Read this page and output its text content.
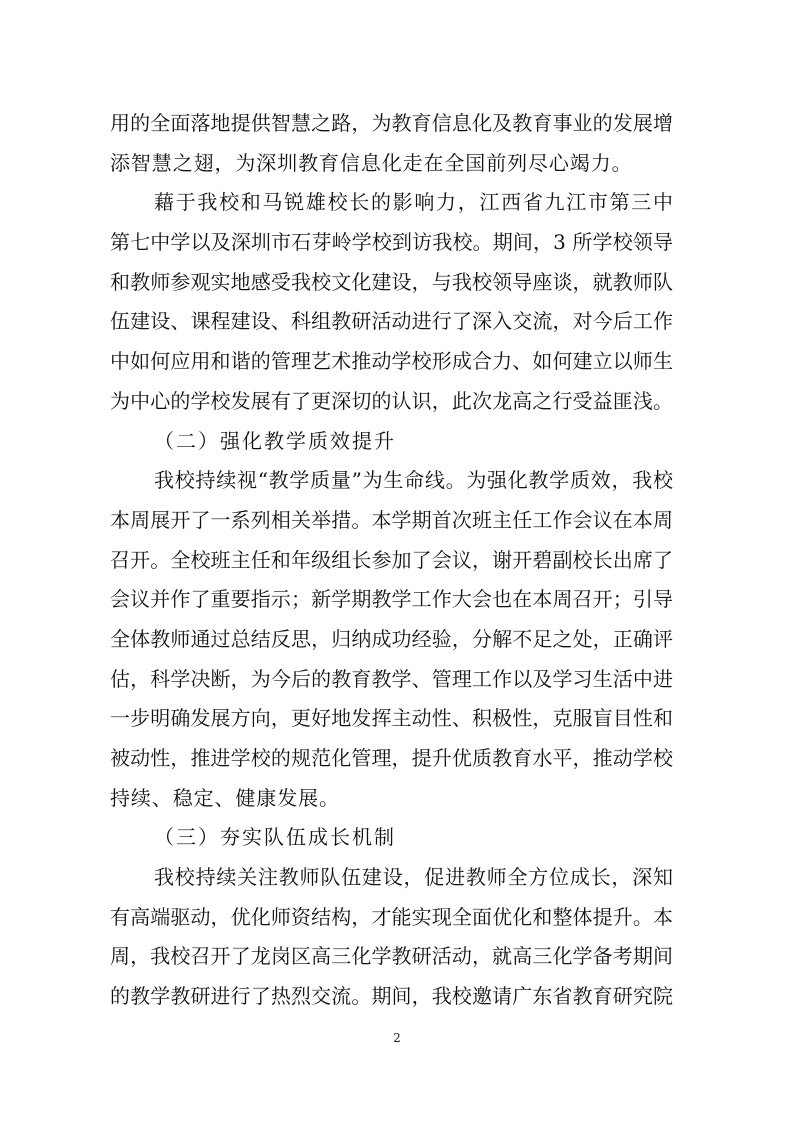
用的全面落地提供智慧之路，为教育信息化及教育事业的发展增
添智慧之翅，为深圳教育信息化走在全国前列尽心竭力。
藉于我校和马锐雄校长的影响力，江西省九江市第三中
第七中学以及深圳市石芽岭学校到访我校。期间，3 所学校领导
和教师参观实地感受我校文化建设，与我校领导座谈，就教师队
伍建设、课程建设、科组教研活动进行了深入交流，对今后工作
中如何应用和谐的管理艺术推动学校形成合力、如何建立以师生
为中心的学校发展有了更深切的认识，此次龙高之行受益匪浅。
（二）强化教学质效提升
我校持续视“教学质量”为生命线。为强化教学质效，我校
本周展开了一系列相关举措。本学期首次班主任工作会议在本周
召开。全校班主任和年级组长参加了会议，谢开碧副校长出席了
会议并作了重要指示；新学期教学工作大会也在本周召开；引导
全体教师通过总结反思，归纳成功经验，分解不足之处，正确评
估，科学决断，为今后的教育教学、管理工作以及学习生活中进
一步明确发展方向，更好地发挥主动性、积极性，克服盲目性和
被动性，推进学校的规范化管理，提升优质教育水平，推动学校
持续、稳定、健康发展。
（三）夯实队伍成长机制
我校持续关注教师队伍建设，促进教师全方位成长，深知
有高端驱动，优化师资结构，才能实现全面优化和整体提升。本
周，我校召开了龙岗区高三化学教研活动，就高三化学备考期间
的教学教研进行了热烈交流。期间，我校邀请广东省教育研究院
2
